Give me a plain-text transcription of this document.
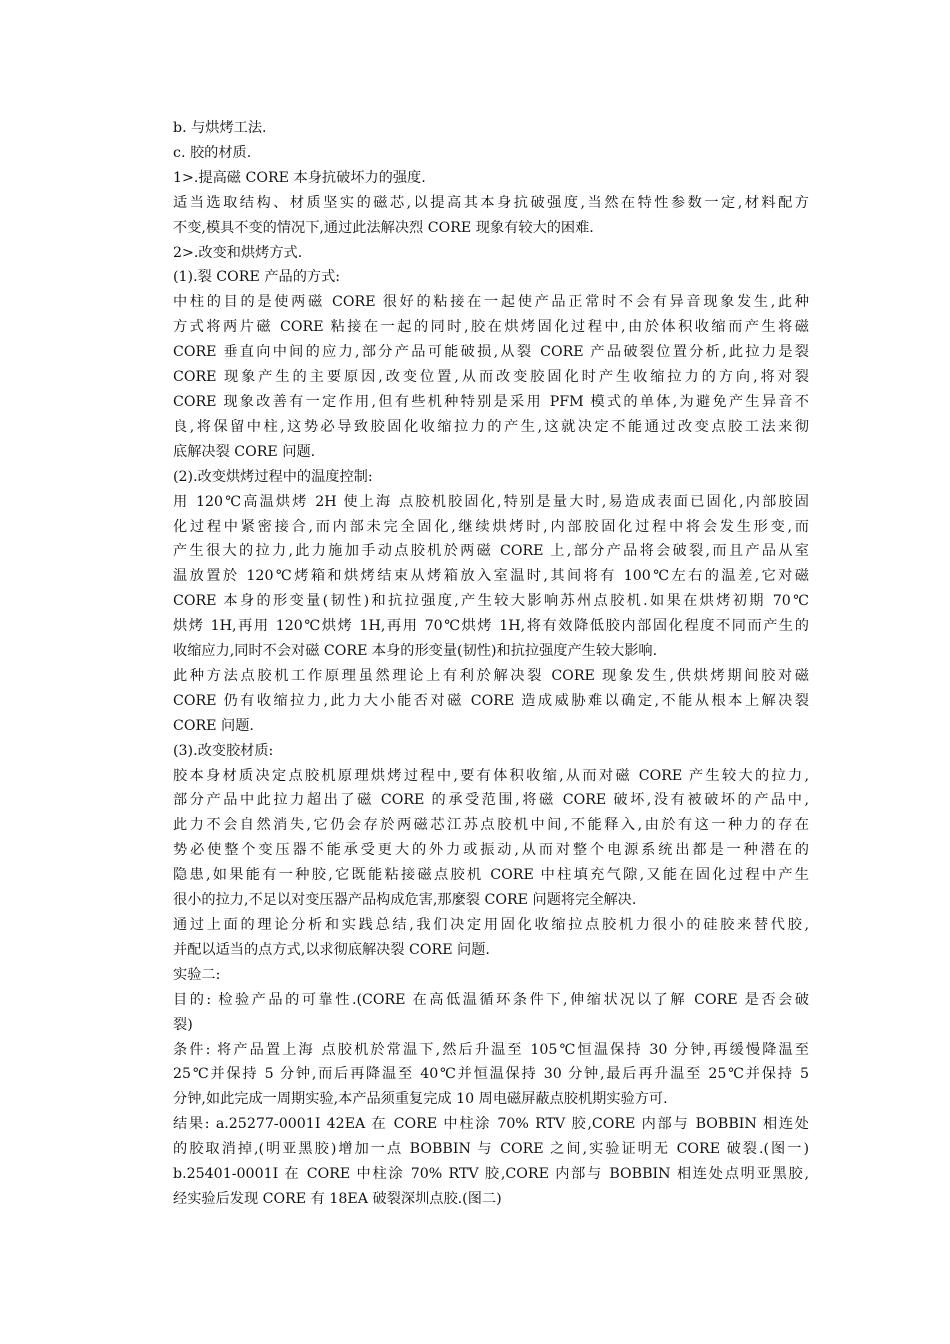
b. 与烘烤工法.
c. 胶的材质.
1>.提高磁 CORE 本身抗破坏力的强度.
适当选取结构、材质坚实的磁芯,以提高其本身抗破强度,当然在特性参数一定,材料配方
不变,模具不变的情况下,通过此法解决烈 CORE 现象有较大的困难.
2>.改变和烘烤方式.
(1).裂 CORE 产品的方式:
中柱的目的是使两磁 CORE 很好的粘接在一起使产品正常时不会有异音现象发生,此种
方式将两片磁 CORE 粘接在一起的同时,胶在烘烤固化过程中,由於体积收缩而产生将磁
CORE 垂直向中间的应力,部分产品可能破损,从裂 CORE 产品破裂位置分析,此拉力是裂
CORE 现象产生的主要原因,改变位置,从而改变胶固化时产生收缩拉力的方向,将对裂
CORE 现象改善有一定作用,但有些机种特别是采用 PFM 模式的单体,为避免产生异音不
良,将保留中柱,这势必导致胶固化收缩拉力的产生,这就决定不能通过改变点胶工法来彻
底解决裂 CORE 问题.
(2).改变烘烤过程中的温度控制:
用 120℃高温烘烤 2H 使上海 点胶机胶固化,特别是量大时,易造成表面已固化,内部胶固
化过程中紧密接合,而内部未完全固化,继续烘烤时,内部胶固化过程中将会发生形变,而
产生很大的拉力,此力施加手动点胶机於两磁 CORE 上,部分产品将会破裂,而且产品从室
温放置於 120℃烤箱和烘烤结束从烤箱放入室温时,其间将有 100℃左右的温差,它对磁
CORE 本身的形变量(韧性)和抗拉强度,产生较大影响苏州点胶机.如果在烘烤初期 70℃
烘烤 1H,再用 120℃烘烤 1H,再用 70℃烘烤 1H,将有效降低胶内部固化程度不同而产生的
收缩应力,同时不会对磁 CORE 本身的形变量(韧性)和抗拉强度产生较大影响.
此种方法点胶机工作原理虽然理论上有利於解决裂 CORE 现象发生,供烘烤期间胶对磁
CORE 仍有收缩拉力,此力大小能否对磁 CORE 造成威胁难以确定,不能从根本上解决裂
CORE 问题.
(3).改变胶材质:
胶本身材质决定点胶机原理烘烤过程中,要有体积收缩,从而对磁 CORE 产生较大的拉力,
部分产品中此拉力超出了磁 CORE 的承受范围,将磁 CORE 破坏,没有被破坏的产品中,
此力不会自然消失,它仍会存於两磁芯江苏点胶机中间,不能释入,由於有这一种力的存在
势必使整个变压器不能承受更大的外力或振动,从而对整个电源系统出都是一种潜在的
隐患,如果能有一种胶,它既能粘接磁点胶机 CORE 中柱填充气隙,又能在固化过程中产生
很小的拉力,不足以对变压器产品构成危害,那麼裂 CORE 问题将完全解决.
通过上面的理论分析和实践总结,我们决定用固化收缩拉点胶机力很小的硅胶来替代胶,
并配以适当的点方式,以求彻底解决裂 CORE 问题.
实验二:
目的: 检验产品的可靠性.(CORE 在高低温循环条件下,伸缩状况以了解 CORE 是否会破
裂)
条件: 将产品置上海 点胶机於常温下,然后升温至 105℃恒温保持 30 分钟,再缓慢降温至
25℃并保持 5 分钟,而后再降温至 40℃并恒温保持 30 分钟,最后再升温至 25℃并保持 5
分钟,如此完成一周期实验,本产品须重复完成 10 周电磁屏蔽点胶机期实验方可.
结果: a.25277-0001I 42EA 在 CORE 中柱涂 70% RTV 胶,CORE 内部与 BOBBIN 相连处
的胶取消掉,(明亚黑胶)增加一点 BOBBIN 与 CORE 之间,实验证明无 CORE 破裂.(图一)
b.25401-0001I 在 CORE 中柱涂 70% RTV 胶,CORE 内部与 BOBBIN 相连处点明亚黑胶,
经实验后发现 CORE 有 18EA 破裂深圳点胶.(图二)
